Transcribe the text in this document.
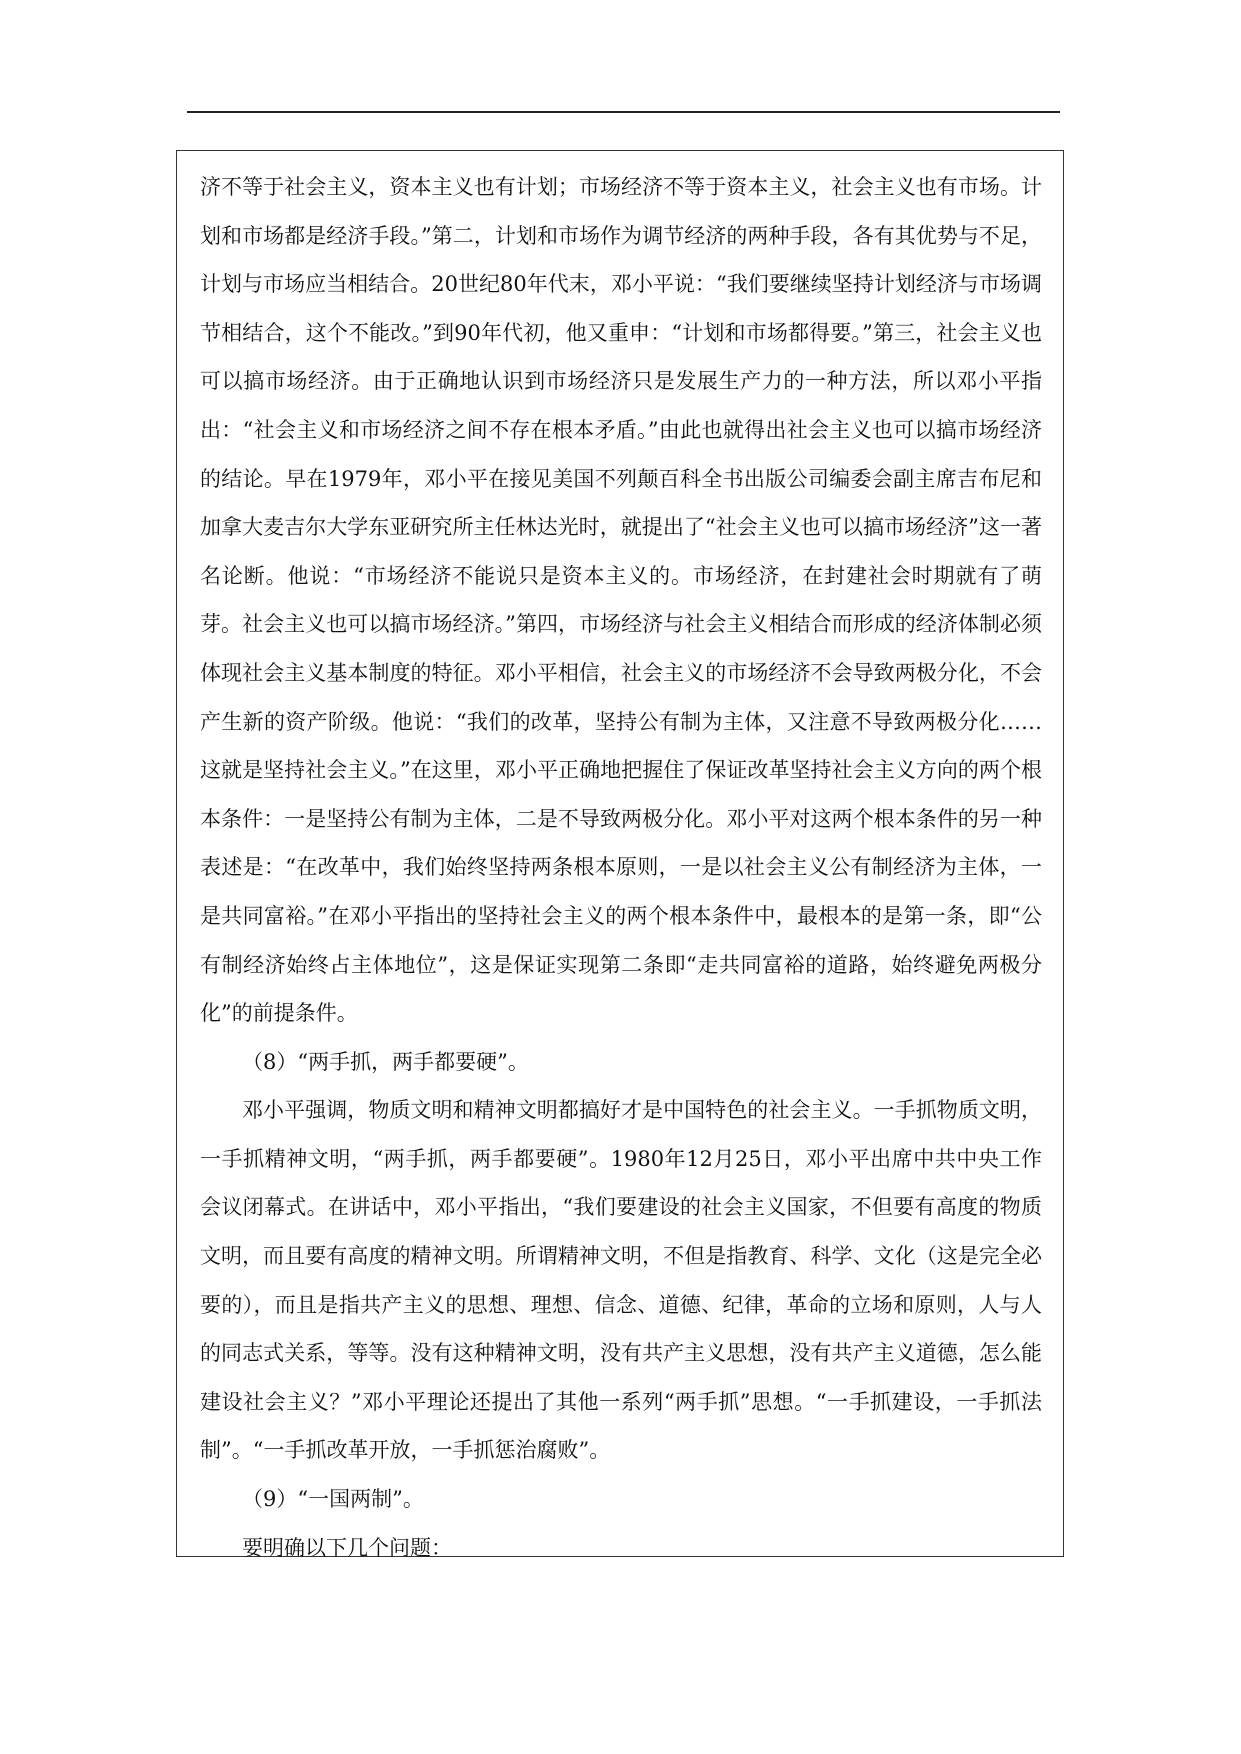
济不等于社会主义，资本主义也有计划；市场经济不等于资本主义，社会主义也有市场。计划和市场都是经济手段。”第二，计划和市场作为调节经济的两种手段，各有其优势与不足，计划与市场应当相结合。20世纪80年代末，邓小平说：“我们要继续坚持计划经济与市场调节相结合，这个不能改。”到90年代初，他又重申：“计划和市场都得要。”第三，社会主义也可以搞市场经济。由于正确地认识到市场经济只是发展生产力的一种方法，所以邓小平指出：“社会主义和市场经济之间不存在根本矛盾。”由此也就得出社会主义也可以搞市场经济的结论。早在1979年，邓小平在接见美国不列颠百科全书出版公司编委会副主席吉布尼和加拿大麦吉尔大学东亚研究所主任林达光时，就提出了“社会主义也可以搞市场经济”这一著名论断。他说：“市场经济不能说只是资本主义的。市场经济，在封建社会时期就有了萌芽。社会主义也可以搞市场经济。”第四，市场经济与社会主义相结合而形成的经济体制必须体现社会主义基本制度的特征。邓小平相信，社会主义的市场经济不会导致两极分化，不会产生新的资产阶级。他说：“我们的改革，坚持公有制为主体，又注意不导致两极分化……这就是坚持社会主义。”在这里，邓小平正确地把握住了保证改革坚持社会主义方向的两个根本条件：一是坚持公有制为主体，二是不导致两极分化。邓小平对这两个根本条件的另一种表述是：“在改革中，我们始终坚持两条根本原则，一是以社会主义公有制经济为主体，一是共同富裕。”在邓小平指出的坚持社会主义的两个根本条件中，最根本的是第一条，即“公有制经济始终占主体地位”，这是保证实现第二条即“走共同富裕的道路，始终避免两极分化”的前提条件。

（8）“两手抓，两手都要硬”。

邓小平强调，物质文明和精神文明都搞好才是中国特色的社会主义。一手抓物质文明，一手抓精神文明，“两手抓，两手都要硬”。1980年12月25日，邓小平出席中共中央工作会议闭幕式。在讲话中，邓小平指出，“我们要建设的社会主义国家，不但要有高度的物质文明，而且要有高度的精神文明。所谓精神文明，不但是指教育、科学、文化（这是完全必要的），而且是指共产主义的思想、理想、信念、道德、纪律，革命的立场和原则，人与人的同志式关系，等等。没有这种精神文明，没有共产主义思想，没有共产主义道德，怎么能建设社会主义？”邓小平理论还提出了其他一系列“两手抓”思想。“一手抓建设，一手抓法制”。“一手抓改革开放，一手抓惩治腐败”。

（9）“一国两制”。

要明确以下几个问题：
